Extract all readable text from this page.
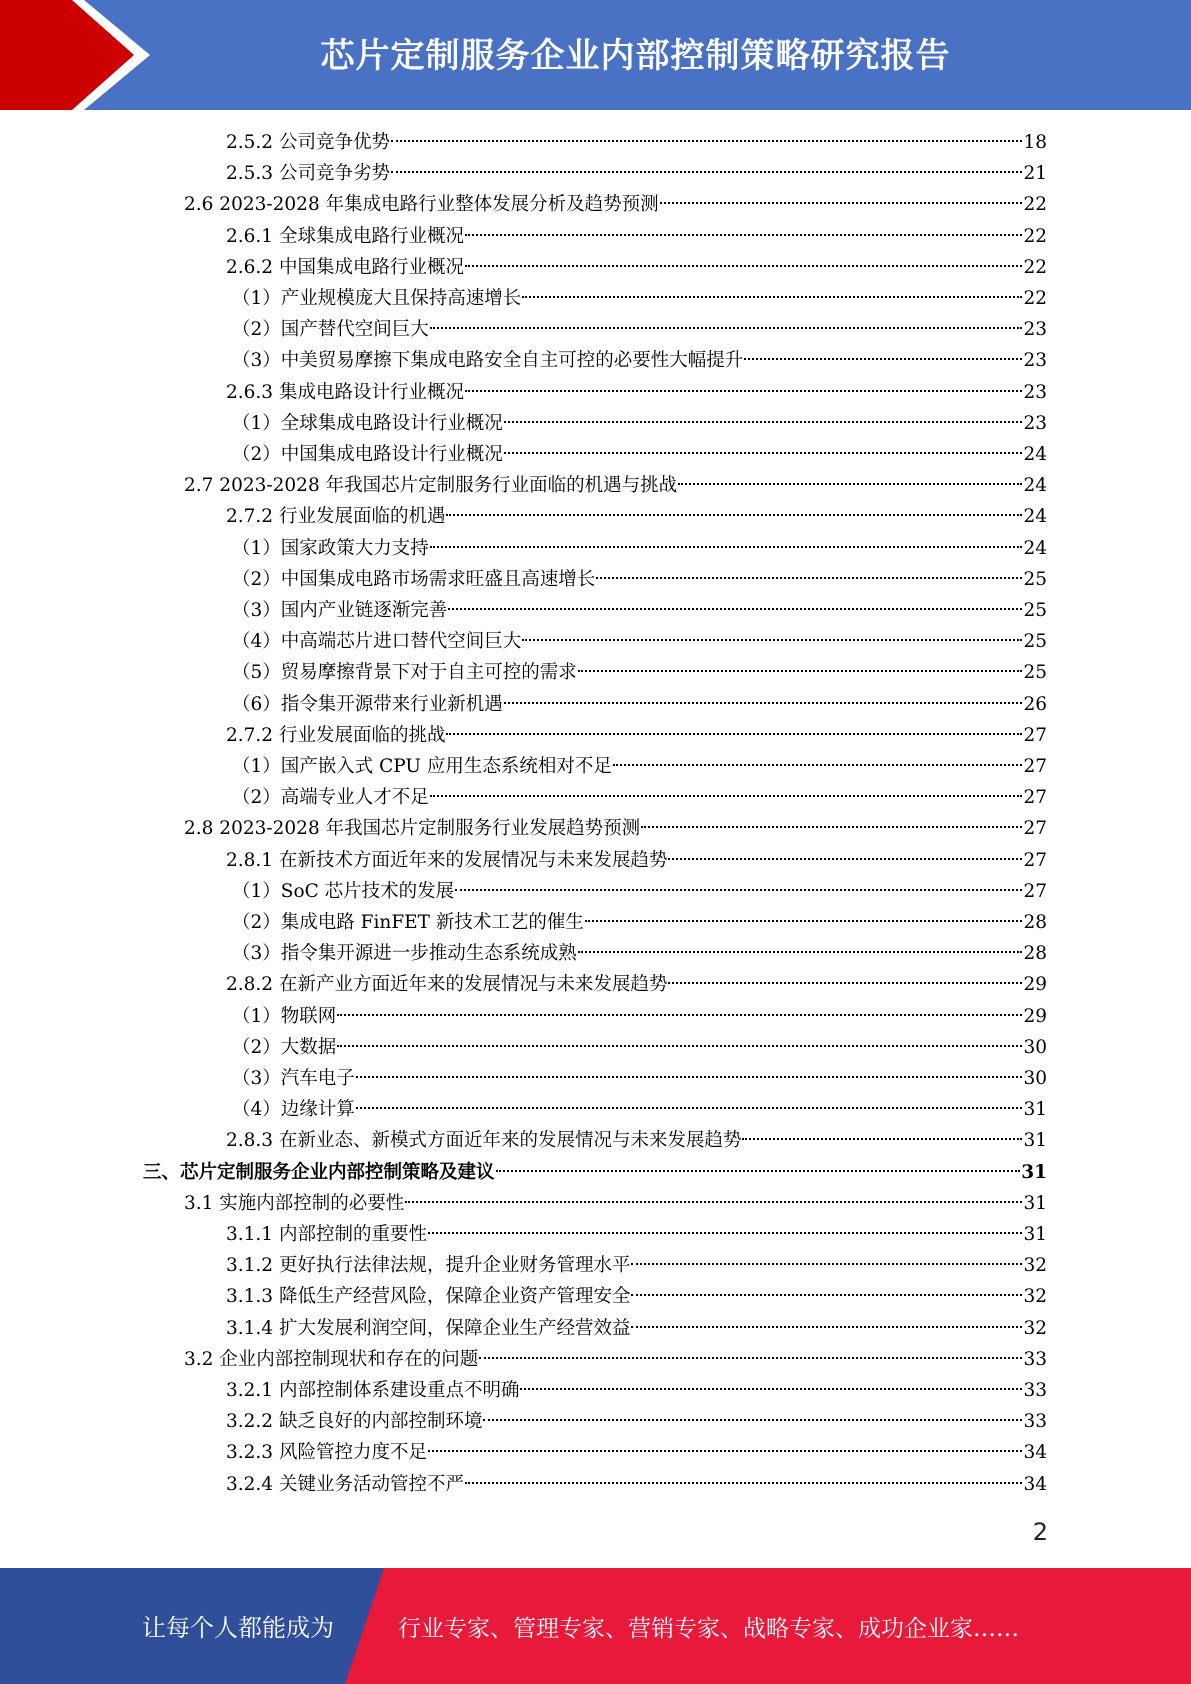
芯片定制服务企业内部控制策略研究报告
2.5.2 公司竞争优势	18
2.5.3 公司竞争劣势	21
2.6 2023-2028 年集成电路行业整体发展分析及趋势预测	22
2.6.1 全球集成电路行业概况	22
2.6.2 中国集成电路行业概况	22
（1）产业规模庞大且保持高速增长	22
（2）国产替代空间巨大	23
（3）中美贸易摩擦下集成电路安全自主可控的必要性大幅提升	23
2.6.3 集成电路设计行业概况	23
（1）全球集成电路设计行业概况	23
（2）中国集成电路设计行业概况	24
2.7 2023-2028 年我国芯片定制服务行业面临的机遇与挑战	24
2.7.2 行业发展面临的机遇	24
（1）国家政策大力支持	24
（2）中国集成电路市场需求旺盛且高速增长	25
（3）国内产业链逐渐完善	25
（4）中高端芯片进口替代空间巨大	25
（5）贸易摩擦背景下对于自主可控的需求	25
（6）指令集开源带来行业新机遇	26
2.7.2 行业发展面临的挑战	27
（1）国产嵌入式 CPU 应用生态系统相对不足	27
（2）高端专业人才不足	27
2.8 2023-2028 年我国芯片定制服务行业发展趋势预测	27
2.8.1 在新技术方面近年来的发展情况与未来发展趋势	27
（1）SoC 芯片技术的发展	27
（2）集成电路 FinFET 新技术工艺的催生	28
（3）指令集开源进一步推动生态系统成熟	28
2.8.2 在新产业方面近年来的发展情况与未来发展趋势	29
（1）物联网	29
（2）大数据	30
（3）汽车电子	30
（4）边缘计算	31
2.8.3 在新业态、新模式方面近年来的发展情况与未来发展趋势	31
三、芯片定制服务企业内部控制策略及建议	31
3.1 实施内部控制的必要性	31
3.1.1 内部控制的重要性	31
3.1.2 更好执行法律法规，提升企业财务管理水平	32
3.1.3 降低生产经营风险，保障企业资产管理安全	32
3.1.4 扩大发展利润空间，保障企业生产经营效益	32
3.2 企业内部控制现状和存在的问题	33
3.2.1 内部控制体系建设重点不明确	33
3.2.2 缺乏良好的内部控制环境	33
3.2.3 风险管控力度不足	34
3.2.4 关键业务活动管控不严	34
2
让每个人都能成为	行业专家、管理专家、营销专家、战略专家、成功企业家……
